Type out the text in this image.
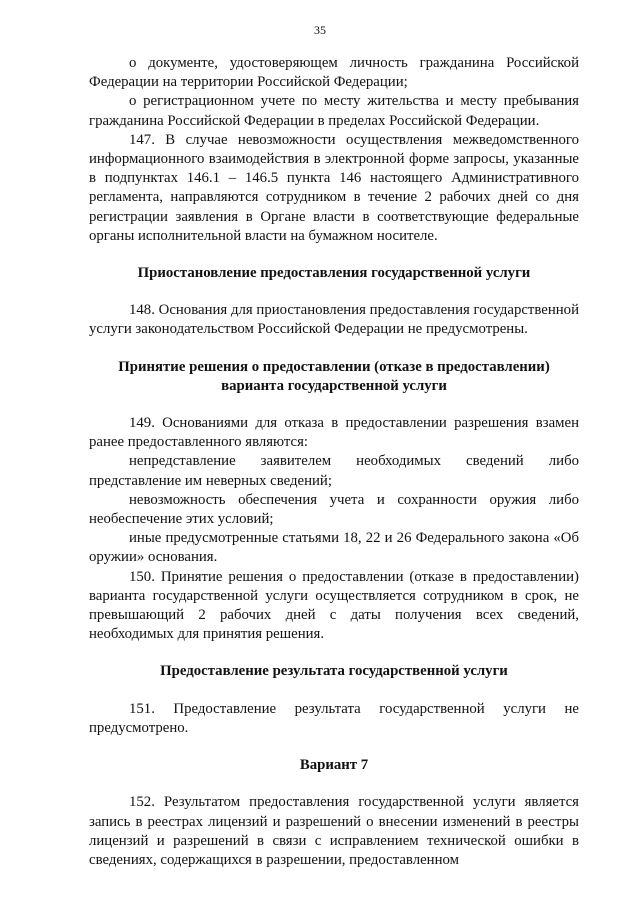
35

о документе, удостоверяющем личность гражданина Российской Федерации на территории Российской Федерации;

о регистрационном учете по месту жительства и месту пребывания гражданина Российской Федерации в пределах Российской Федерации.

147. В случае невозможности осуществления межведомственного информационного взаимодействия в электронной форме запросы, указанные в подпунктах 146.1 – 146.5 пункта 146 настоящего Административного регламента, направляются сотрудником в течение 2 рабочих дней со дня регистрации заявления в Органе власти в соответствующие федеральные органы исполнительной власти на бумажном носителе.

Приостановление предоставления государственной услуги

148. Основания для приостановления предоставления государственной услуги законодательством Российской Федерации не предусмотрены.

Принятие решения о предоставлении (отказе в предоставлении)
варианта государственной услуги

149. Основаниями для отказа в предоставлении разрешения взамен ранее предоставленного являются:

непредставление заявителем необходимых сведений либо представление им неверных сведений;

невозможность обеспечения учета и сохранности оружия либо необеспечение этих условий;

иные предусмотренные статьями 18, 22 и 26 Федерального закона «Об оружии» основания.

150. Принятие решения о предоставлении (отказе в предоставлении) варианта государственной услуги осуществляется сотрудником в срок, не превышающий 2 рабочих дней с даты получения всех сведений, необходимых для принятия решения.

Предоставление результата государственной услуги

151. Предоставление результата государственной услуги не предусмотрено.

Вариант 7

152. Результатом предоставления государственной услуги является запись в реестрах лицензий и разрешений о внесении изменений в реестры лицензий и разрешений в связи с исправлением технической ошибки в сведениях, содержащихся в разрешении, предоставленном
